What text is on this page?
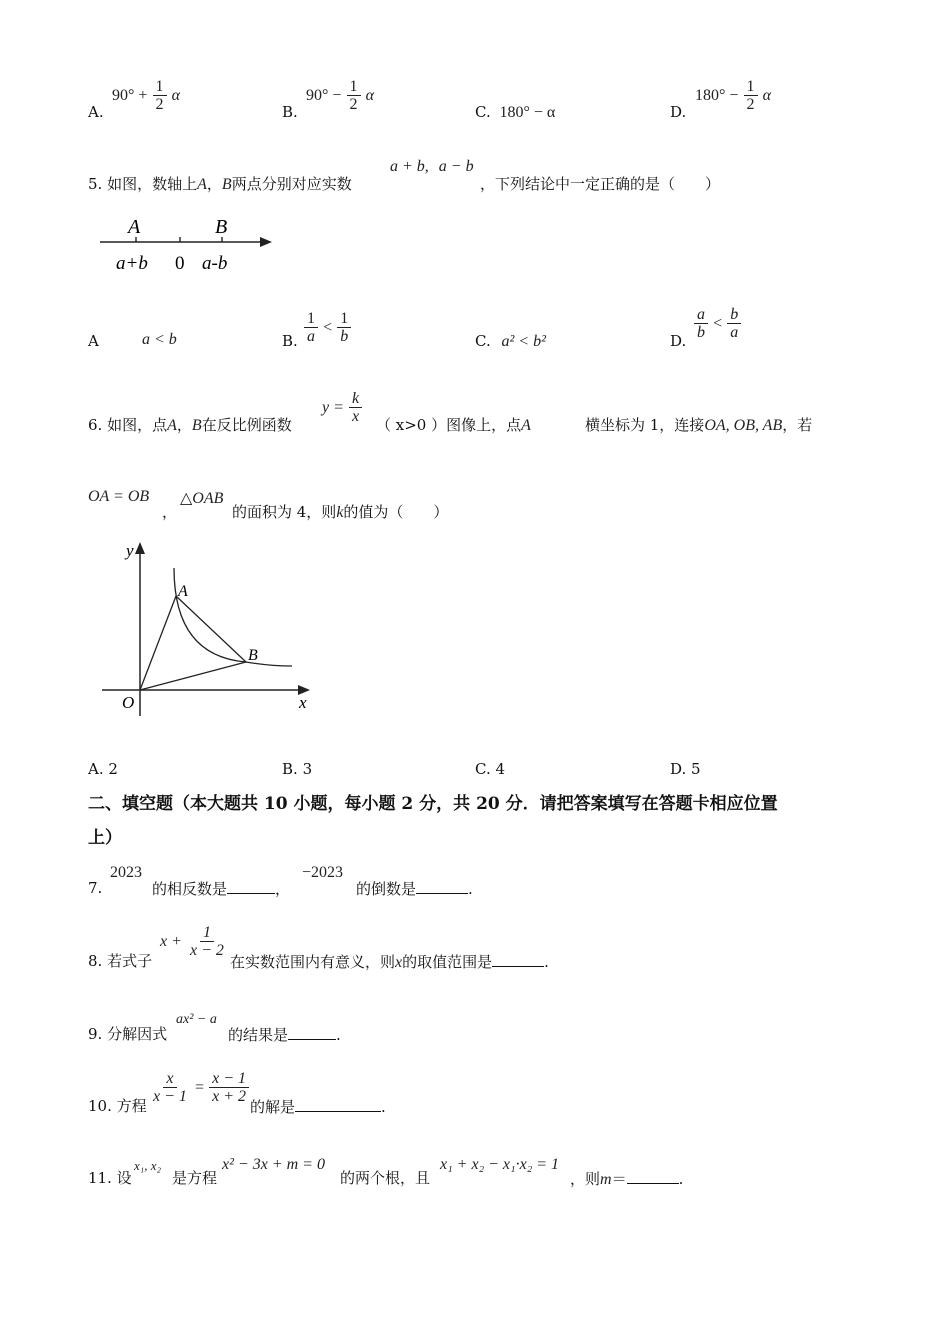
A.
$90^\circ + \frac{1}{2}$ α
B.
$90^\circ - \frac{1}{2}$ α
C. 180° − α	D.
$180^\circ - \frac{1}{2}$ α
5. 如图，数轴上A，B两点分别对应实数
a + b, a − b
，下列结论中一定正确的是（　　）
A	B
a+b 0 a-b
A	a < b	B. $\frac{1}{a} < \frac{1}{b}$	C. a² < b²	D. $\frac{a}{b} < \frac{b}{a}$
6. 如图，点A，B在反比例函数
$y = \frac{k}{x}$ （ x>0 ）图像上，点A	横坐标为 1，连接OA, OB, AB，若
OA = OB
，
△OAB
的面积为 4，则k的值为（　　）
y
x
O
A
B
A. 2	B. 3	C. 4	D. 5
二、填空题（本大题共 10 小题，每小题 2 分，共 20 分．请把答案填写在答题卡相应位置
上）
7.
2023
的相反数是	，
−2023
的倒数是	.
8. 若式子
$x + \frac{1}{x - 2}$
在实数范围内有意义，则x的取值范围是	.
9. 分解因式
ax² − a
的结果是	.
10. 方程
$\frac{x}{x - 1} = \frac{x - 1}{x + 2}$
的解是	.
11. 设
x₁, x₂
是方程
x² − 3x + m = 0
的两个根，且
x₁ + x₂ − x₁·x₂ = 1
，则m＝	.
